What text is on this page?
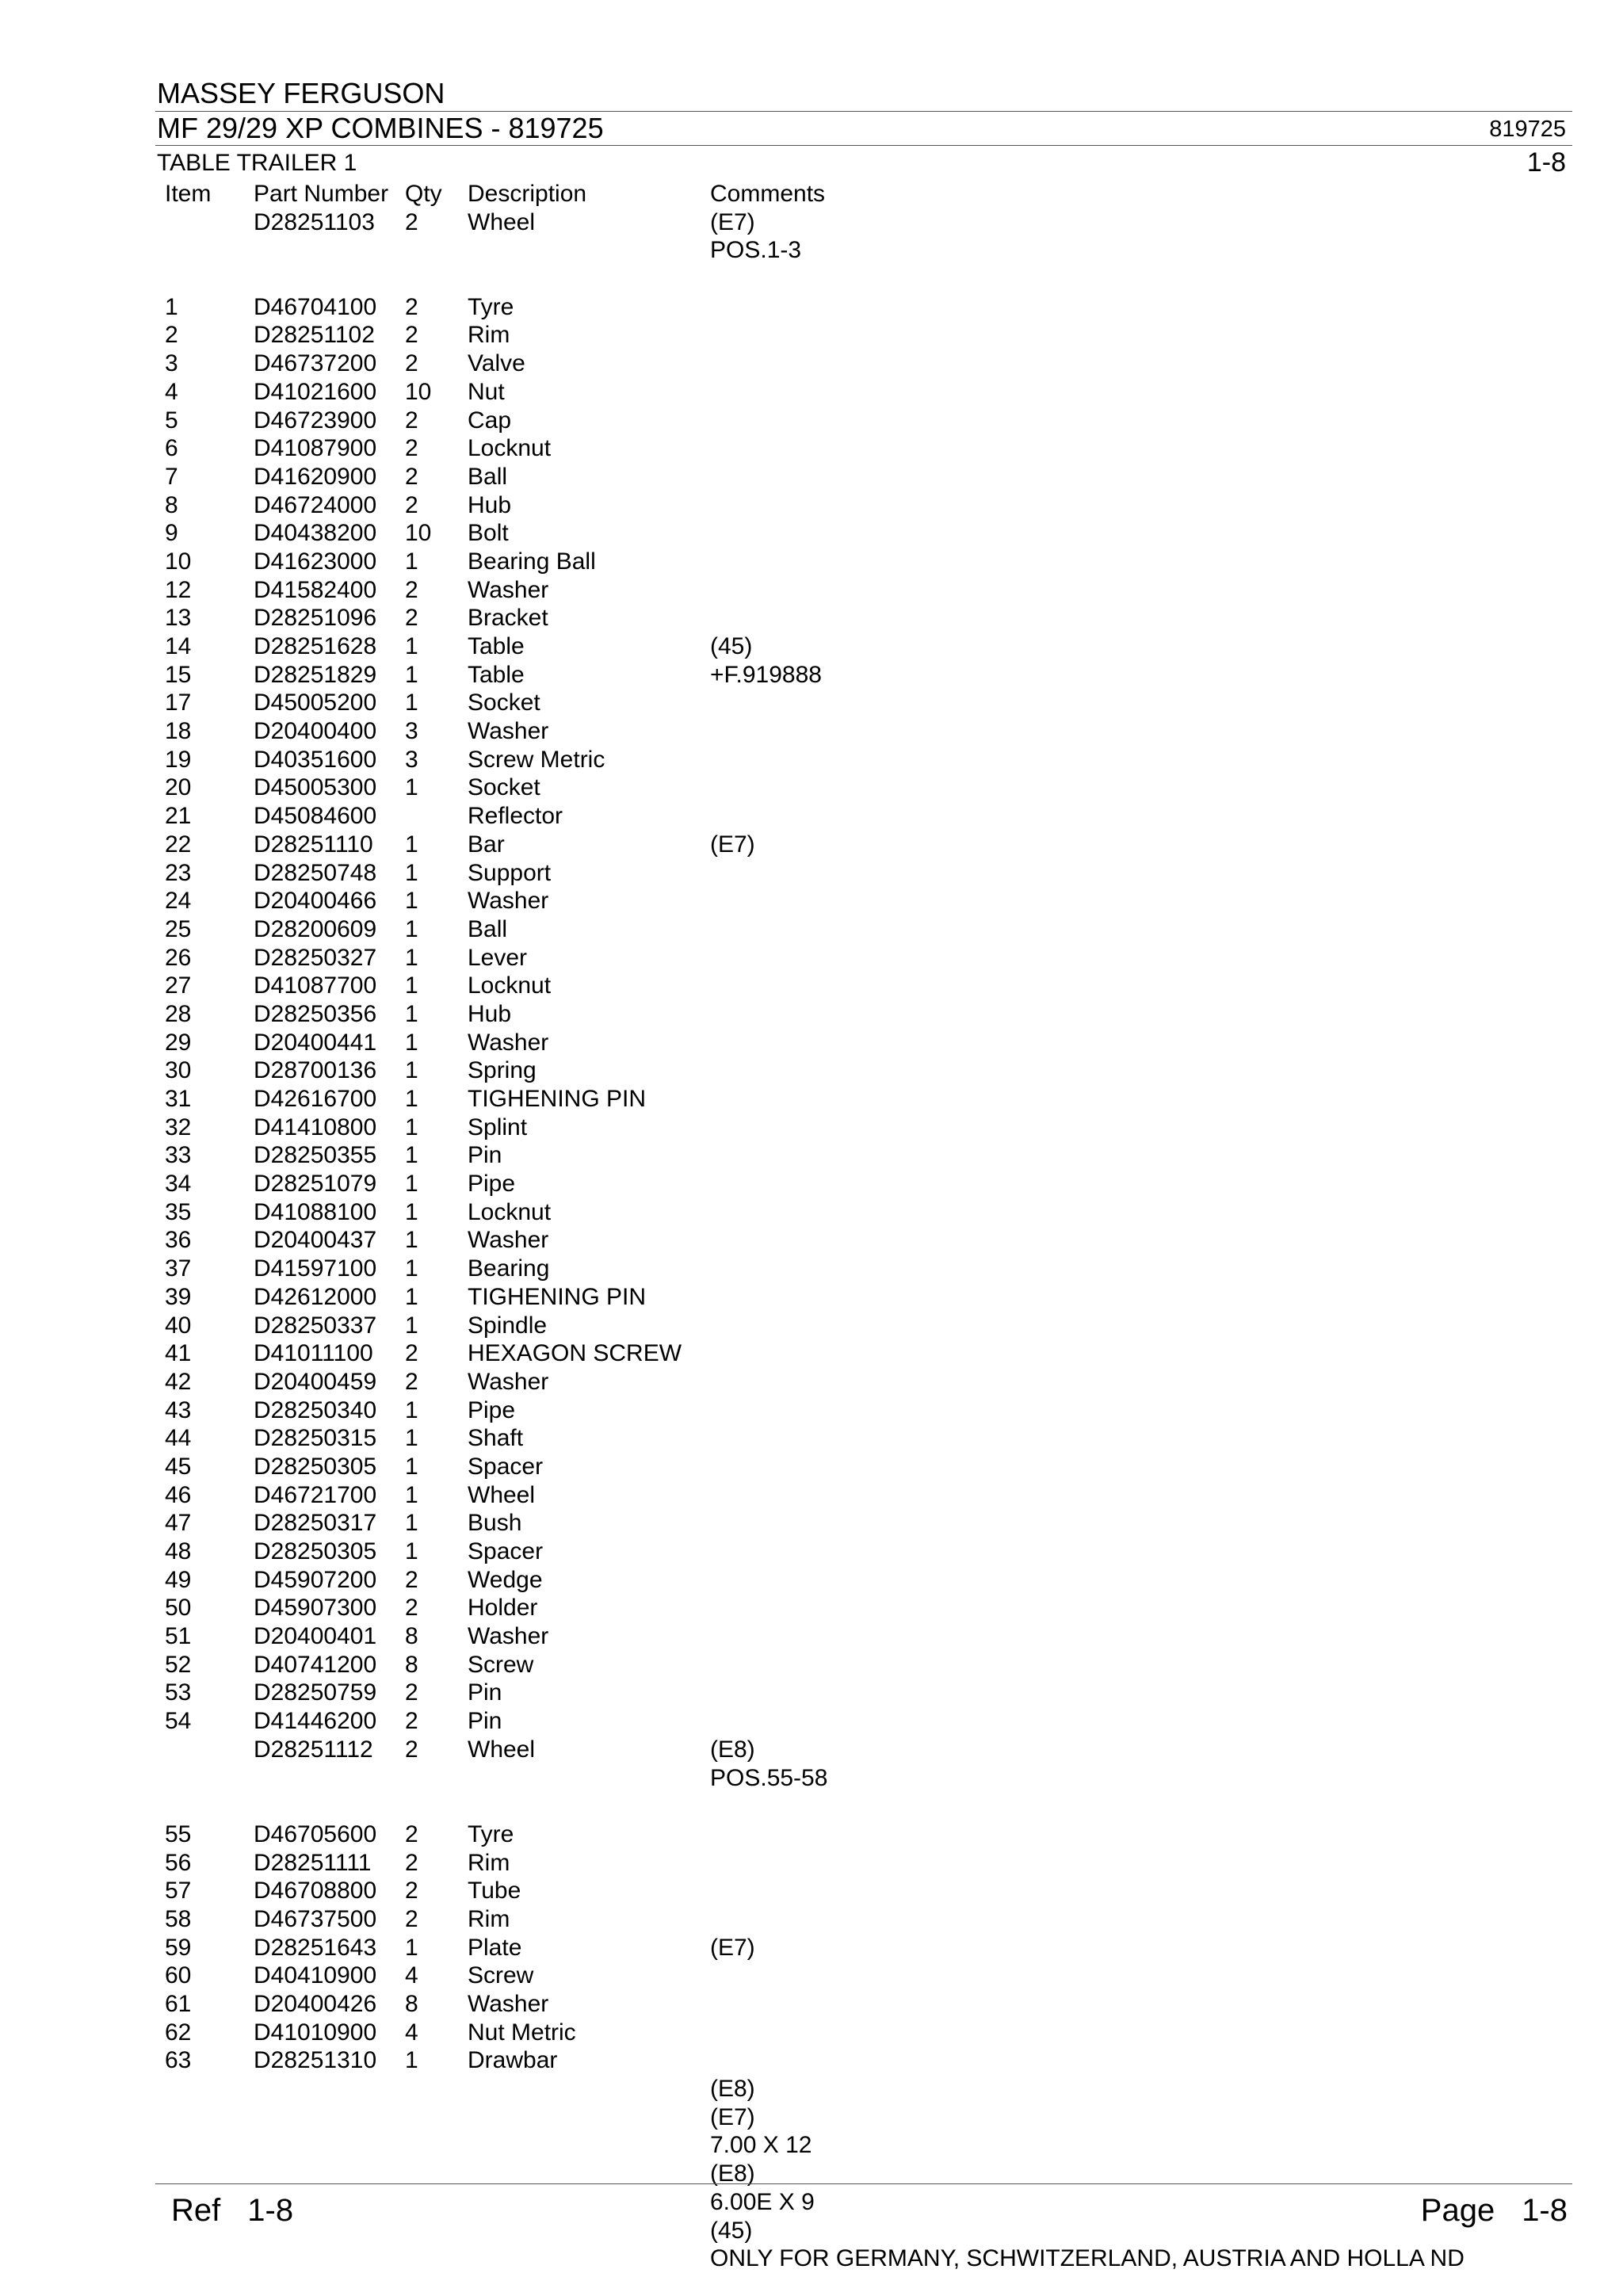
MASSEY FERGUSON
MF 29/29 XP COMBINES - 819725	819725
TABLE TRAILER 1	1-8
Item Part Number Qty Description	Comments
D28251103 2 Wheel	(E7)
POS.1-3
1	D46704100 2 Tyre
2	D28251102 2 Rim
3	D46737200 2 Valve
4	D41021600 10 Nut
5	D46723900 2 Cap
6	D41087900 2 Locknut
7	D41620900 2 Ball
8	D46724000 2 Hub
9	D40438200 10 Bolt
10	D41623000 1 Bearing Ball
12	D41582400 2 Washer
13	D28251096 2 Bracket
14	D28251628 1 Table	(45)
15	D28251829 1 Table	+F.919888
17	D45005200 1 Socket
18	D20400400 3 Washer
19	D40351600 3 Screw Metric
20	D45005300 1 Socket
21	D45084600	Reflector
22	D28251110 1 Bar	(E7)
23	D28250748 1 Support
24	D20400466 1 Washer
25	D28200609 1 Ball
26	D28250327 1 Lever
27	D41087700 1 Locknut
28	D28250356 1 Hub
29	D20400441 1 Washer
30	D28700136 1 Spring
31	D42616700 1 TIGHENING PIN
32	D41410800 1 Splint
33	D28250355 1 Pin
34	D28251079 1 Pipe
35	D41088100 1 Locknut
36	D20400437 1 Washer
37	D41597100 1 Bearing
39	D42612000 1 TIGHENING PIN
40	D28250337 1 Spindle
41	D41011100 2 HEXAGON SCREW
42	D20400459 2 Washer
43	D28250340 1 Pipe
44	D28250315 1 Shaft
45	D28250305 1 Spacer
46	D46721700 1 Wheel
47	D28250317 1 Bush
48	D28250305 1 Spacer
49	D45907200 2 Wedge
50	D45907300 2 Holder
51	D20400401 8 Washer
52	D40741200 8 Screw
53	D28250759 2 Pin
54	D41446200 2 Pin
D28251112 2 Wheel	(E8)
POS.55-58
55	D46705600 2 Tyre
56	D28251111 2 Rim
57	D46708800 2 Tube
58	D46737500 2 Rim
59	D28251643 1 Plate	(E7)
60	D40410900 4 Screw
61	D20400426 8 Washer
62	D41010900 4 Nut Metric
63	D28251310 1 Drawbar
(E8)
(E7)
7.00 X 12
(E8)
6.00E X 9
(45)
ONLY FOR GERMANY, SCHWITZERLAND, AUSTRIA AND HOLLA ND
Ref 1-8	Page 1-8
